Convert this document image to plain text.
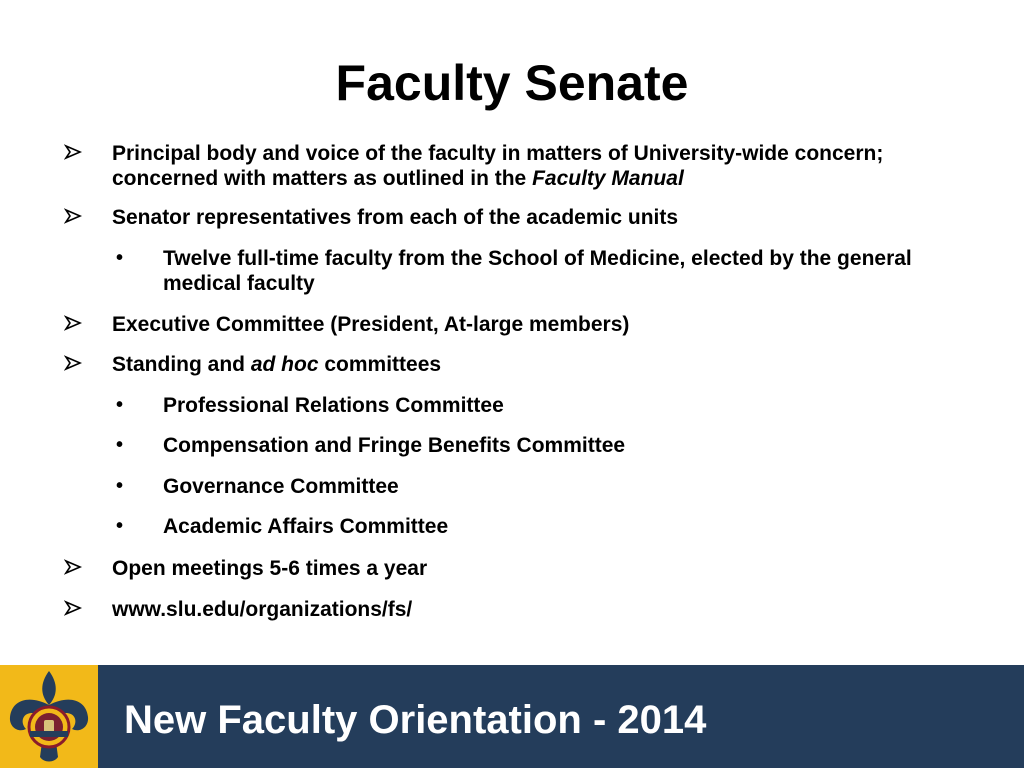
Faculty Senate
Principal body and voice of the faculty in matters of University-wide concern; concerned with matters as outlined in the Faculty Manual
Senator representatives from each of the academic units
• Twelve full-time faculty from the School of Medicine, elected by the general medical faculty
Executive Committee (President, At-large members)
Standing and ad hoc committees
• Professional Relations Committee
• Compensation and Fringe Benefits Committee
• Governance Committee
• Academic Affairs Committee
Open meetings 5-6 times a year
www.slu.edu/organizations/fs/
New Faculty Orientation - 2014
